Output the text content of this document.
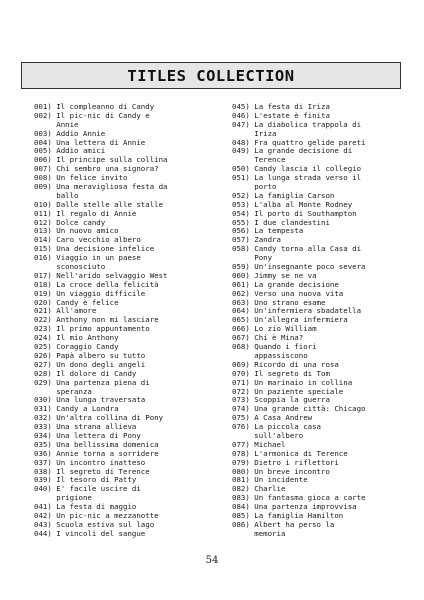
TITLES COLLECTION
001) Il compleanno di Candy
002) Il pic-nic di Candy e
Annie
003) Addio Annie
004) Una lettera di Annie
005) Addio amici
006) Il principe sulla collina
007) Chi sembro una signora?
008) Un felice invito
009) Una meravigliosa festa da
ballo
010) Dalle stelle alle stalle
011) Il regalo di Annie
012) Dolce candy
013) Un nuovo amico
014) Caro vecchio albero
015) Una decisione infelice
016) Viaggio in un paese
sconosciuto
017) Nell'arido selvaggio West
018) La croce della felicità
019) Un viaggio difficile
020) Candy è felice
021) All'amore
022) Anthony non mi lasciare
023) Il primo appuntamento
024) Il mio Anthony
025) Coraggio Candy
026) Papà albero su tutto
027) Un dono degli angeli
028) Il dolore di Candy
029) Una partenza piena di
speranza
030) Una lunga traversata
031) Candy a Londra
032) Un'altra collina di Pony
033) Una strana allieva
034) Una lettera di Pony
035) Una bellissima domenica
036) Annie torna a sorridere
037) Un incontro inatteso
038) Il segreto di Terence
039) Il tesoro di Patty
040) E' facile uscire di
prigione
041) La festa di maggio
042) Un pic-nic a mezzanotte
043) Scuola estiva sul lago
044) I vincoli del sangue
045) La festa di Iriza
046) L'estate è finita
047) La diabolica trappola di
Iriza
048) Fra quattro gelide pareti
049) La grande decisione di
Terence
050) Candy lascia il collegio
051) La lunga strada verso il
porto
052) La famiglia Carson
053) L'alba al Monte Rodney
054) Il porto di Southampton
055) I due clandestini
056) La tempesta
057) Zandra
058) Candy torna alla Casa di
Pony
059) Un'insegnante poco severa
060) Jimmy se ne va
061) La grande decisione
062) Verso una nuova vita
063) Uno strano esame
064) Un'infermiera sbadatella
065) Un'allegra infermiera
066) Lo zio William
067) Chi è Mina?
068) Quando i fiori
appassiscono
069) Ricordo di una rosa
070) Il segreto di Tom
071) Un marinaio in collina
072) Un paziente speciale
073) Scoppia la guerra
074) Una grande città: Chicago
075) A Casa Andrew
076) La piccola casa
sull'albero
077) Michael
078) L'armonica di Terence
079) Dietro i riflettori
080) Un breve incontro
081) Un incidente
082) Charlie
083) Un fantasma gioca a carte
084) Una partenza improvvisa
085) La famiglia Hamilton
086) Albert ha perso la
memoria
54
